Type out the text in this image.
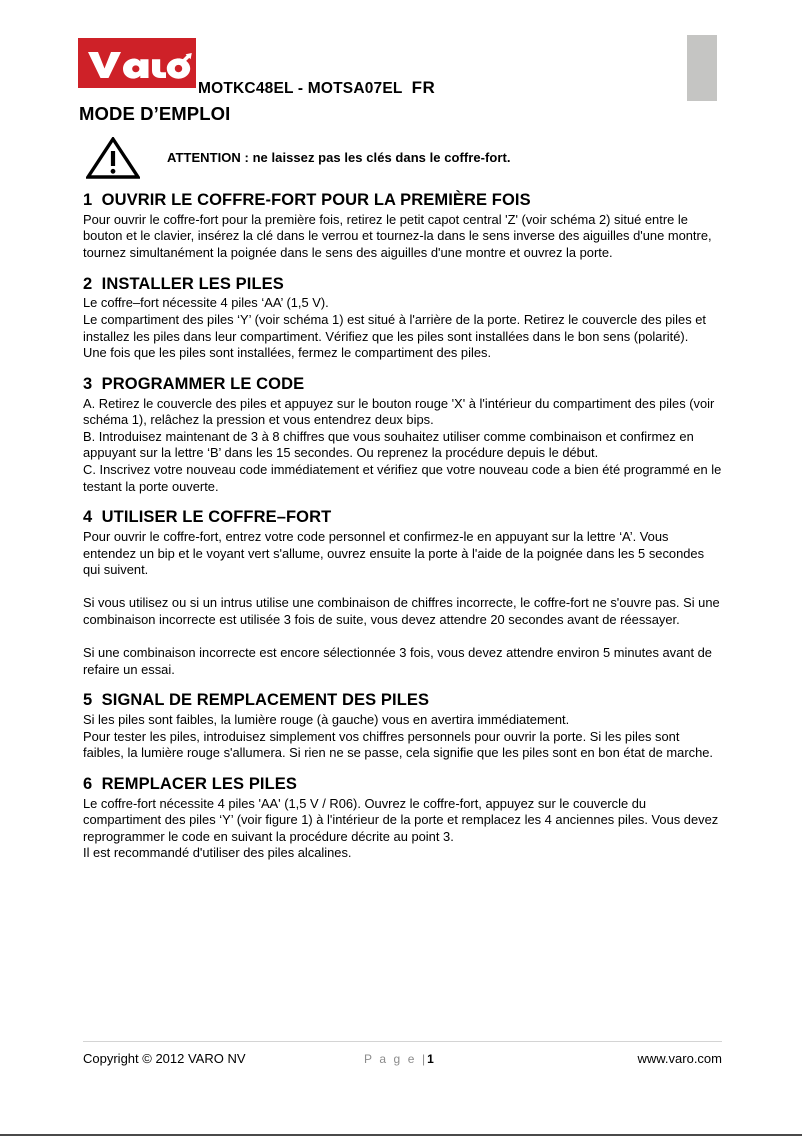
MOTKC48EL - MOTSA07EL FR
MODE D’EMPLOI
ATTENTION : ne laissez pas les clés dans le coffre-fort.
1 OUVRIR LE COFFRE-FORT POUR LA PREMIÈRE FOIS

Pour ouvrir le coffre-fort pour la première fois, retirez le petit capot central 'Z' (voir schéma 2) situé entre le bouton et le clavier, insérez la clé dans le verrou et tournez-la dans le sens inverse des aiguilles d'une montre, tournez simultanément la poignée dans le sens des aiguilles d'une montre et ouvrez la porte.

2 INSTALLER LES PILES

Le coffre–fort nécessite 4 piles ‘AA’ (1,5 V).

Le compartiment des piles ‘Y’ (voir schéma 1) est situé à l'arrière de la porte. Retirez le couvercle des piles et installez les piles dans leur compartiment. Vérifiez que les piles sont installées dans le bon sens (polarité).

Une fois que les piles sont installées, fermez le compartiment des piles.

3 PROGRAMMER LE CODE

A. Retirez le couvercle des piles et appuyez sur le bouton rouge 'X' à l'intérieur du compartiment des piles (voir schéma 1), relâchez la pression et vous entendrez deux bips.

B. Introduisez maintenant de 3 à 8 chiffres que vous souhaitez utiliser comme combinaison et confirmez en appuyant sur la lettre ‘B’ dans les 15 secondes. Ou reprenez la procédure depuis le début.

C. Inscrivez votre nouveau code immédiatement et vérifiez que votre nouveau code a bien été programmé en le testant la porte ouverte.

4 UTILISER LE COFFRE–FORT

Pour ouvrir le coffre-fort, entrez votre code personnel et confirmez-le en appuyant sur la lettre ‘A’. Vous entendez un bip et le voyant vert s'allume, ouvrez ensuite la porte à l'aide de la poignée dans les 5 secondes qui suivent.

Si vous utilisez ou si un intrus utilise une combinaison de chiffres incorrecte, le coffre-fort ne s'ouvre pas. Si une combinaison incorrecte est utilisée 3 fois de suite, vous devez attendre 20 secondes avant de réessayer.

Si une combinaison incorrecte est encore sélectionnée 3 fois, vous devez attendre environ 5 minutes avant de refaire un essai.

5 SIGNAL DE REMPLACEMENT DES PILES

Si les piles sont faibles, la lumière rouge (à gauche) vous en avertira immédiatement.

Pour tester les piles, introduisez simplement vos chiffres personnels pour ouvrir la porte. Si les piles sont faibles, la lumière rouge s'allumera. Si rien ne se passe, cela signifie que les piles sont en bon état de marche.

6 REMPLACER LES PILES

Le coffre-fort nécessite 4 piles 'AA' (1,5 V / R06). Ouvrez le coffre-fort, appuyez sur le couvercle du compartiment des piles ‘Y’ (voir figure 1) à l'intérieur de la porte et remplacez les 4 anciennes piles. Vous devez reprogrammer le code en suivant la procédure décrite au point 3.

Il est recommandé d'utiliser des piles alcalines.

Copyright © 2012 VARO NV	P a g e |1	www.varo.com
